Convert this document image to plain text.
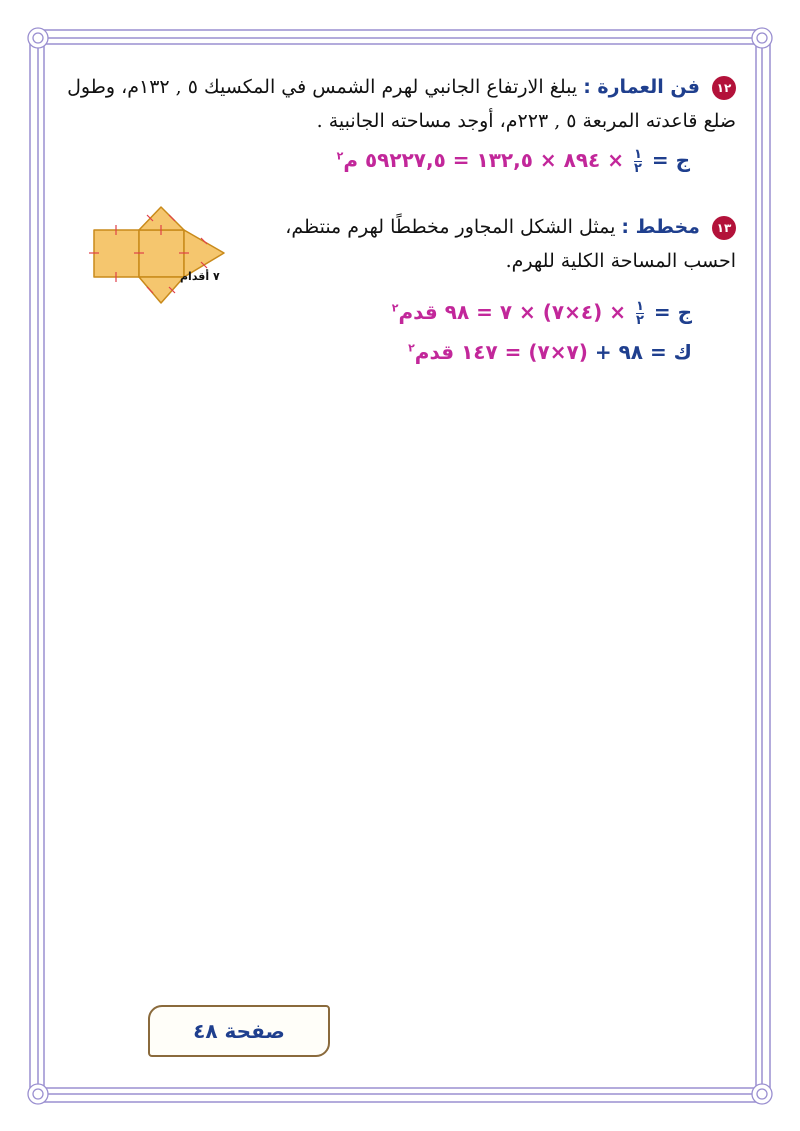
١٢ فن العمارة : يبلغ الارتفاع الجانبي لهرم الشمس في المكسيك ٥ , ١٣٢م، وطول
ضلع قاعدته المربعة ٥ , ٢٢٣م، أوجد مساحته الجانبية .
ج =
$\frac{١}{٢}$
× ٨٩٤ × ١٣٢,٥ = ٥٩٢٢٧,٥ م$^٢$
١٣ مخطط : يمثل الشكل المجاور مخططًا لهرم منتظم،
احسب المساحة الكلية للهرم.
٧ أقدام
ج =
$\frac{١}{٢}$
× (٤×٧) × ٧ = ٩٨ قدم$^٢$
ك = ٩٨ + (٧×٧) = ١٤٧ قدم$^٢$
صفحة ٤٨
